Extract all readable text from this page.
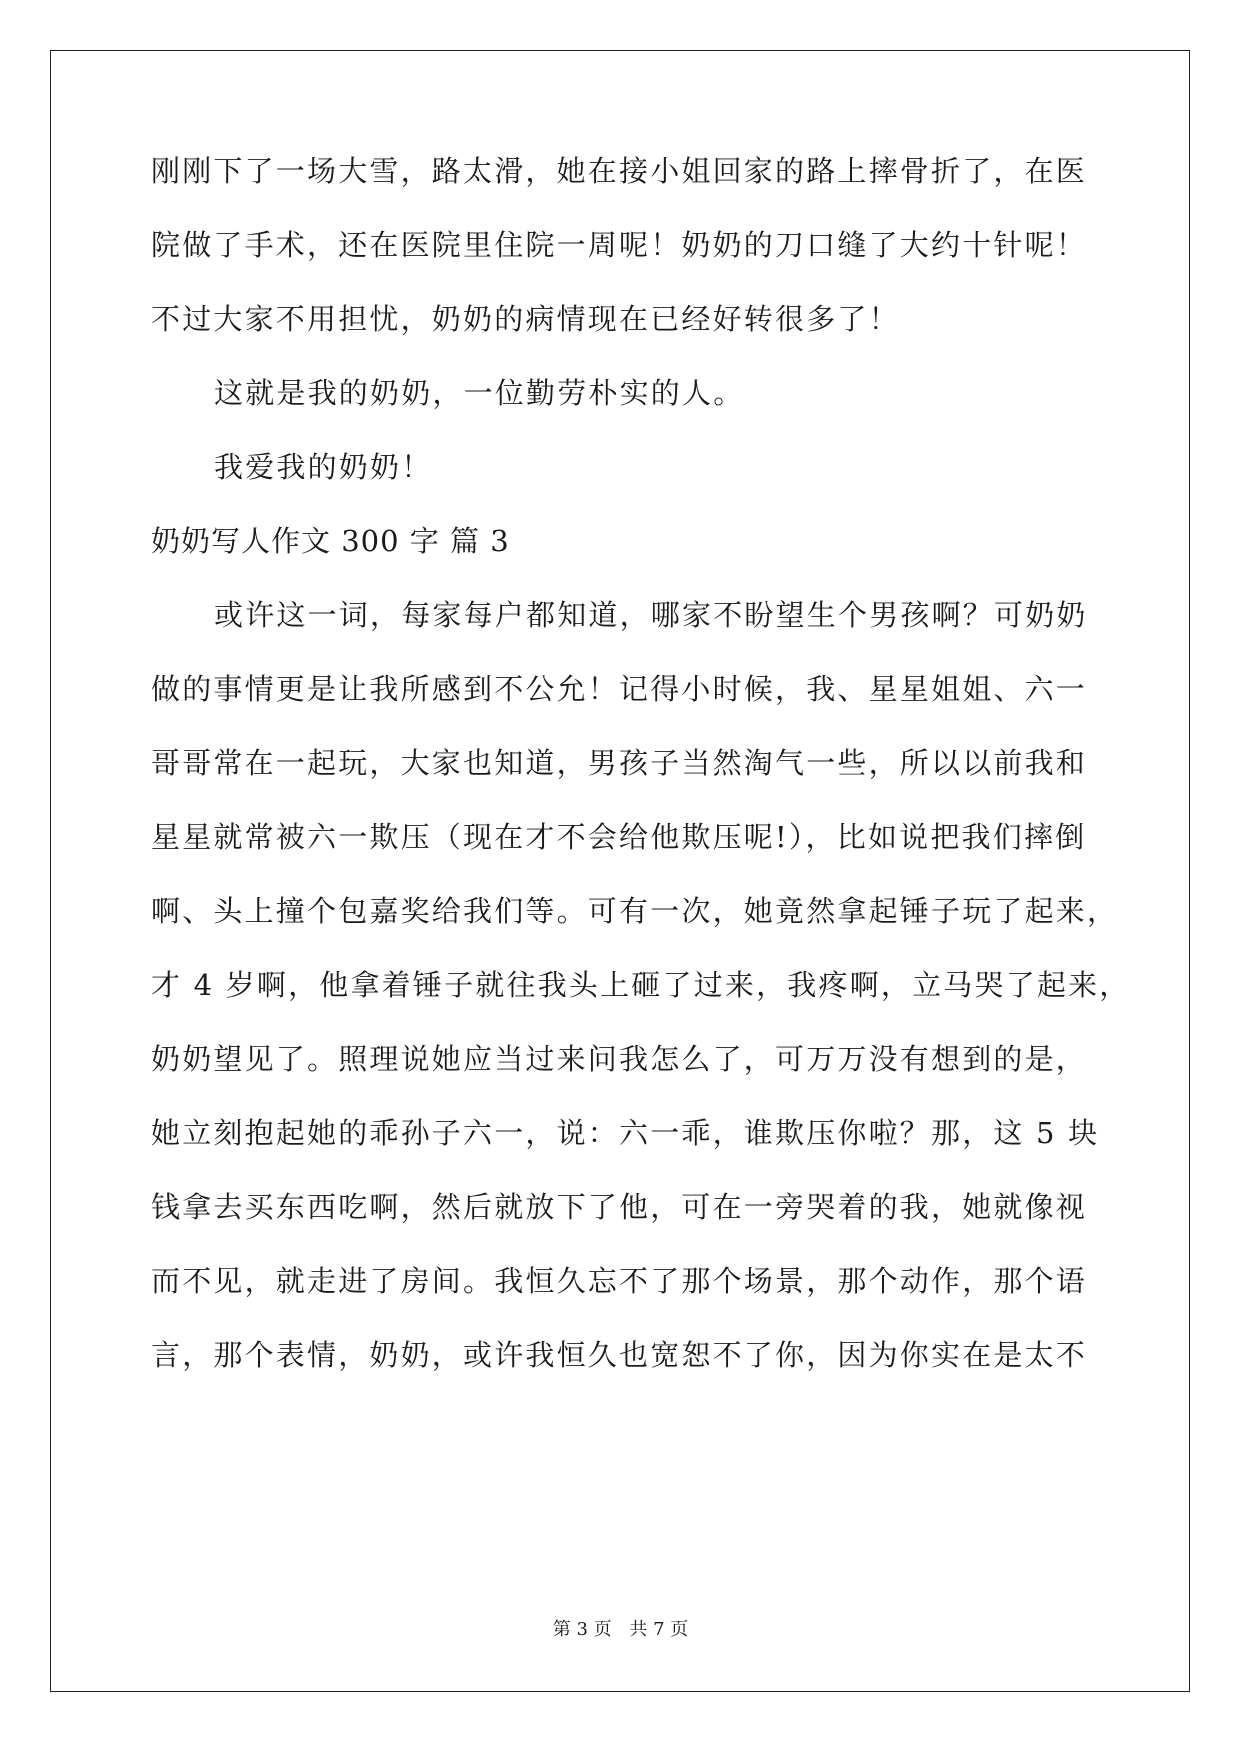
刚刚下了一场大雪，路太滑，她在接小姐回家的路上摔骨折了，在医
院做了手术，还在医院里住院一周呢！奶奶的刀口缝了大约十针呢！
不过大家不用担忧，奶奶的病情现在已经好转很多了！
这就是我的奶奶，一位勤劳朴实的人。
我爱我的奶奶！
奶奶写人作文 300 字 篇 3
或许这一词，每家每户都知道，哪家不盼望生个男孩啊？可奶奶
做的事情更是让我所感到不公允！记得小时候，我、星星姐姐、六一
哥哥常在一起玩，大家也知道，男孩子当然淘气一些，所以以前我和
星星就常被六一欺压（现在才不会给他欺压呢!），比如说把我们摔倒
啊、头上撞个包嘉奖给我们等。可有一次，她竟然拿起锤子玩了起来，
才 4 岁啊，他拿着锤子就往我头上砸了过来，我疼啊，立马哭了起来，
奶奶望见了。照理说她应当过来问我怎么了，可万万没有想到的是，
她立刻抱起她的乖孙子六一，说：六一乖，谁欺压你啦？那，这 5 块
钱拿去买东西吃啊，然后就放下了他，可在一旁哭着的我，她就像视
而不见，就走进了房间。我恒久忘不了那个场景，那个动作，那个语
言，那个表情，奶奶，或许我恒久也宽恕不了你，因为你实在是太不
第 3 页 共 7 页
